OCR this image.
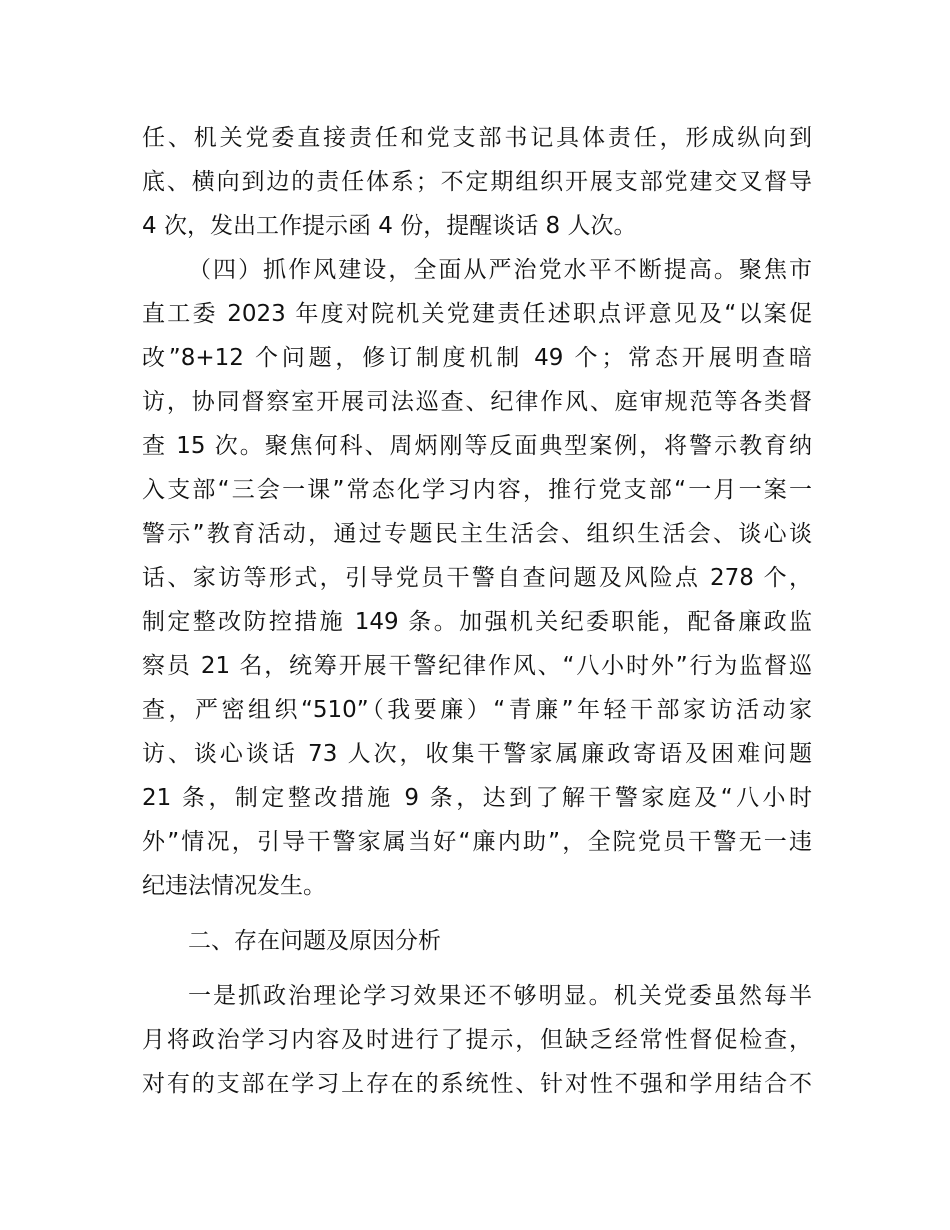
任、机关党委直接责任和党支部书记具体责任，形成纵向到
底、横向到边的责任体系；不定期组织开展支部党建交叉督导
4 次，发出工作提示函 4 份，提醒谈话 8 人次。
（四）抓作风建设，全面从严治党水平不断提高。聚焦市
直工委 2023 年度对院机关党建责任述职点评意见及“以案促
改”8+12 个问题，修订制度机制 49 个；常态开展明查暗
访，协同督察室开展司法巡查、纪律作风、庭审规范等各类督
查 15 次。聚焦何科、周炳刚等反面典型案例，将警示教育纳
入支部“三会一课”常态化学习内容，推行党支部“一月一案一
警示”教育活动，通过专题民主生活会、组织生活会、谈心谈
话、家访等形式，引导党员干警自查问题及风险点 278 个，
制定整改防控措施 149 条。加强机关纪委职能，配备廉政监
察员 21 名，统筹开展干警纪律作风、“八小时外”行为监督巡
查，严密组织“510”（我要廉）“青廉”年轻干部家访活动家
访、谈心谈话 73 人次，收集干警家属廉政寄语及困难问题
21 条，制定整改措施 9 条，达到了解干警家庭及“八小时
外”情况，引导干警家属当好“廉内助”，全院党员干警无一违
纪违法情况发生。
二、存在问题及原因分析
一是抓政治理论学习效果还不够明显。机关党委虽然每半
月将政治学习内容及时进行了提示，但缺乏经常性督促检查，
对有的支部在学习上存在的系统性、针对性不强和学用结合不
